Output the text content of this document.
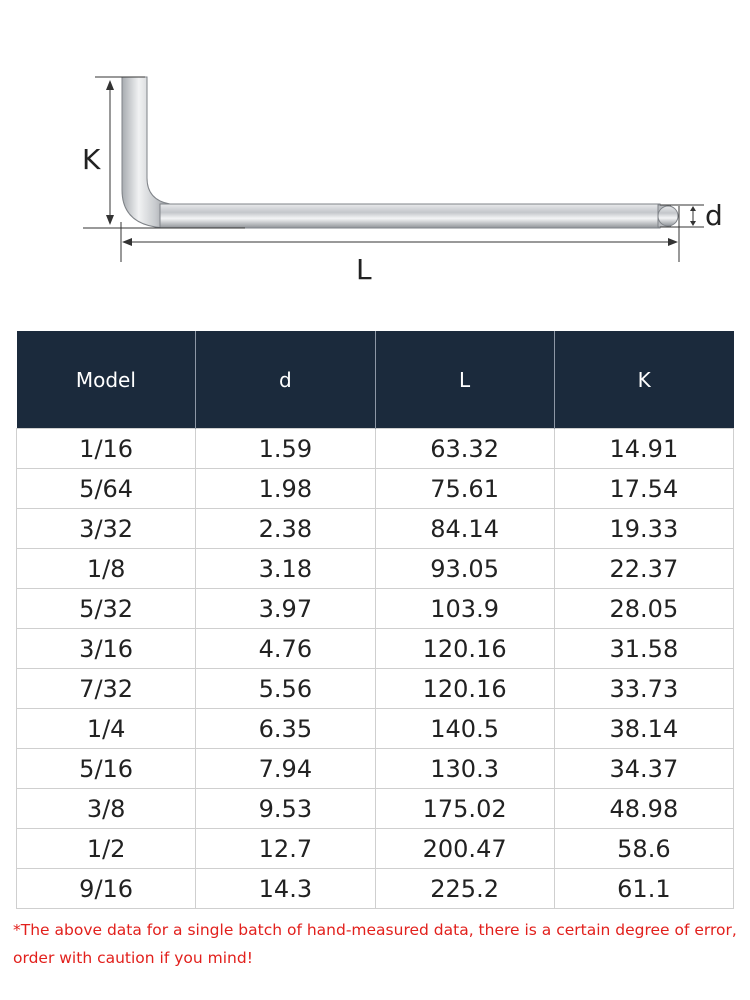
K
d
L
Model	d	L	K
1/16	1.59	63.32	14.91
5/64	1.98	75.61	17.54
3/32	2.38	84.14	19.33
1/8	3.18	93.05	22.37
5/32	3.97	103.9	28.05
3/16	4.76	120.16	31.58
7/32	5.56	120.16	33.73
1/4	6.35	140.5	38.14
5/16	7.94	130.3	34.37
3/8	9.53	175.02	48.98
1/2	12.7	200.47	58.6
9/16	14.3	225.2	61.1
*The above data for a single batch of hand-measured data, there is a certain degree of error, order with caution if you mind!
